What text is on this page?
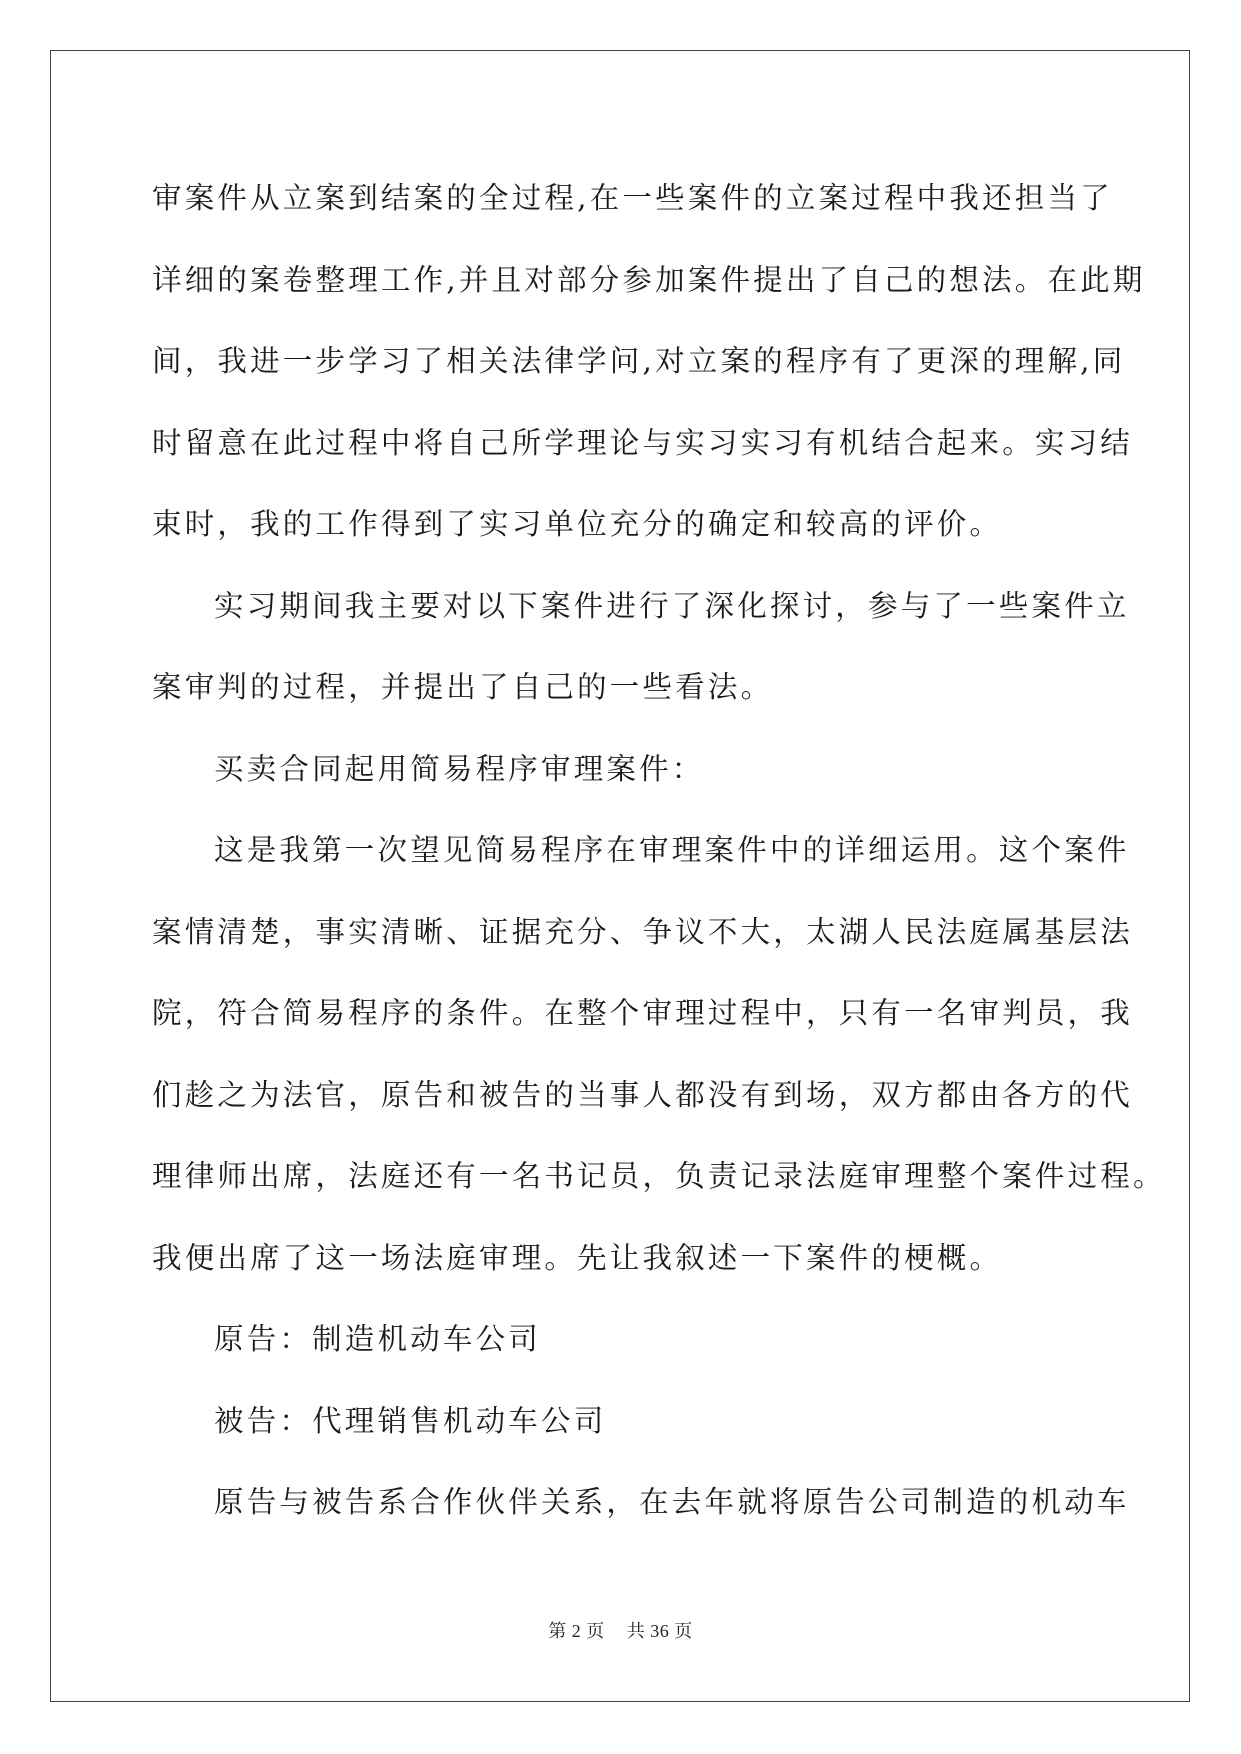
审案件从立案到结案的全过程,在一些案件的立案过程中我还担当了
详细的案卷整理工作,并且对部分参加案件提出了自己的想法。在此期
间，我进一步学习了相关法律学问,对立案的程序有了更深的理解,同
时留意在此过程中将自己所学理论与实习实习有机结合起来。实习结
束时，我的工作得到了实习单位充分的确定和较高的评价。
实习期间我主要对以下案件进行了深化探讨，参与了一些案件立
案审判的过程，并提出了自己的一些看法。
买卖合同起用简易程序审理案件：
这是我第一次望见简易程序在审理案件中的详细运用。这个案件
案情清楚，事实清晰、证据充分、争议不大，太湖人民法庭属基层法
院，符合简易程序的条件。在整个审理过程中，只有一名审判员，我
们趁之为法官，原告和被告的当事人都没有到场，双方都由各方的代
理律师出席，法庭还有一名书记员，负责记录法庭审理整个案件过程。
我便出席了这一场法庭审理。先让我叙述一下案件的梗概。
原告：制造机动车公司
被告：代理销售机动车公司
原告与被告系合作伙伴关系，在去年就将原告公司制造的机动车
第 2 页 共 36 页
